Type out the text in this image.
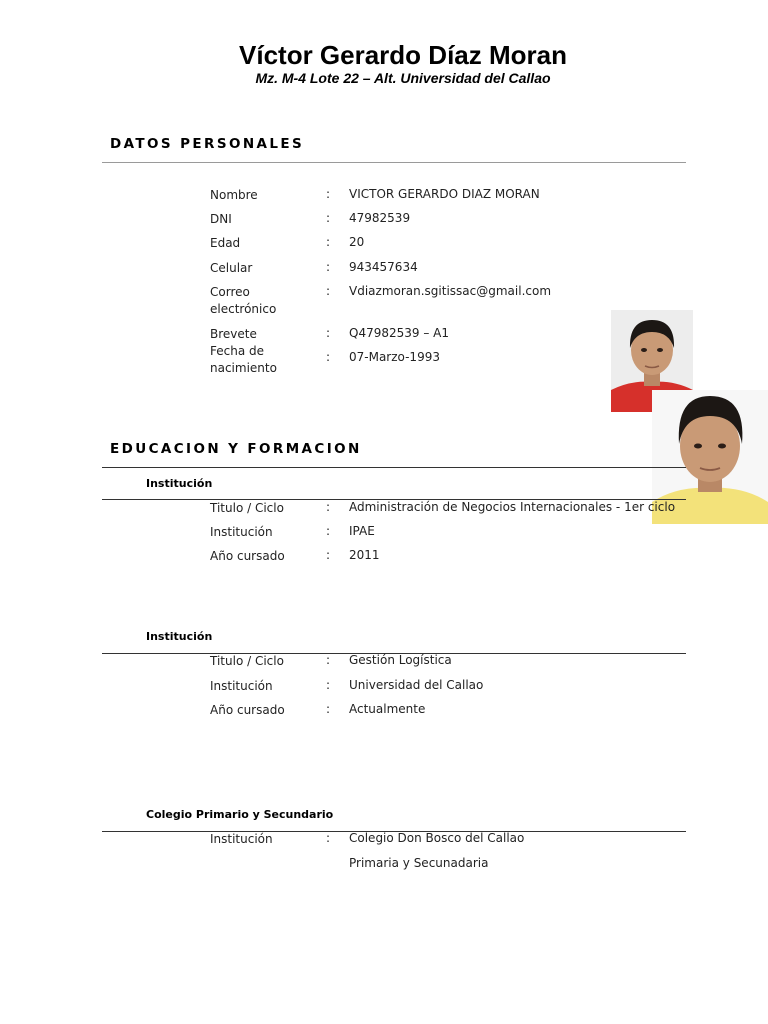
Víctor Gerardo Díaz Moran
Mz. M-4 Lote 22 – Alt. Universidad del Callao
DATOS PERSONALES
Nombre	: VICTOR GERARDO DIAZ MORAN
DNI	: 47982539
Edad	: 20
Celular	: 943457634
Correo electrónico
: Vdiazmoran.sgitissac@gmail.com
Brevete	: Q47982539 – A1
Fecha de nacimiento
: 07-Marzo-1993
EDUCACION Y FORMACION
Institución
Titulo / Ciclo	: Administración de Negocios Internacionales - 1er ciclo
Institución	: IPAE
Año cursado	: 2011
Institución
Titulo / Ciclo	: Gestión Logística
Institución	: Universidad del Callao
Año cursado	: Actualmente
Colegio Primario y Secundario
Institución	: Colegio Don Bosco del Callao
Primaria y Secunadaria
